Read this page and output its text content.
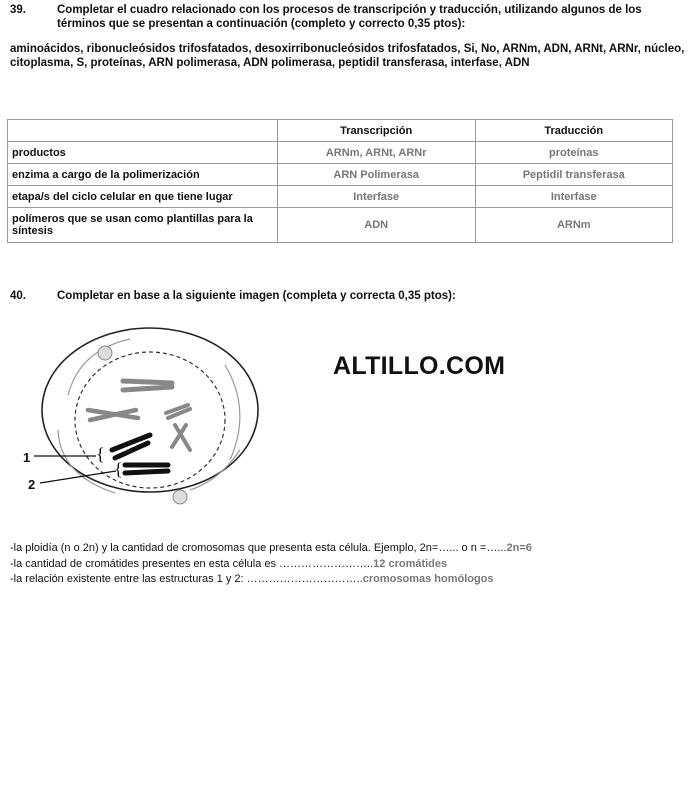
39.	Completar el cuadro relacionado con los procesos de transcripción y traducción, utilizando algunos de los términos que se presentan a continuación (completo y correcto 0,35 ptos):
aminoácidos, ribonucleósidos trifosfatados, desoxirribonucleósidos trifosfatados, Si, No, ARNm, ADN, ARNt, ARNr, núcleo, citoplasma, S, proteínas, ARN polimerasa, ADN polimerasa, peptidil transferasa, interfase, ADN
	Transcripción	Traducción
productos	ARNm, ARNt, ARNr	proteínas
enzima a cargo de la polimerización	ARN Polimerasa	Peptidil transferasa
etapa/s del ciclo celular en que tiene lugar	Interfase	Interfase
polímeros que se usan como plantillas para la síntesis	ADN	ARNm
40.	Completar en base a la siguiente imagen (completa y correcta 0,35 ptos):
{
{
1
2
ALTILLO.COM
-la ploidía (n o 2n) y la cantidad de cromosomas que presenta esta célula. Ejemplo, 2n=…... o n =…...2n=6
-la cantidad de cromátides presentes en esta célula es ……………………..12 cromátides
-la relación existente entre las estructuras 1 y 2: …………………………..cromosomas homólogos
